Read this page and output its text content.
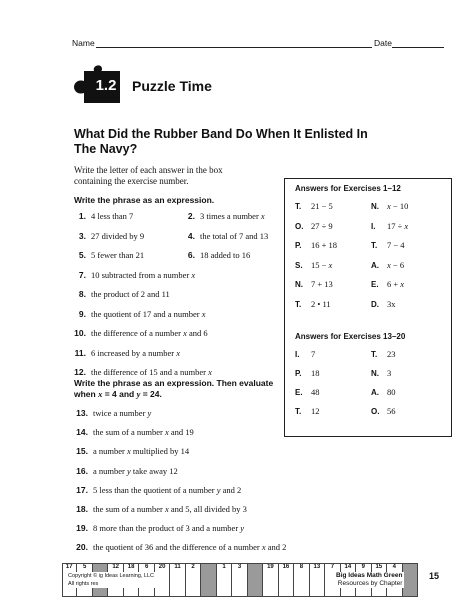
Name	Date
1.2	Puzzle Time
What Did the Rubber Band Do When It Enlisted In The Navy?
Write the letter of each answer in the box containing the exercise number.
Write the phrase as an expression.
1. 4 less than 7
3. 27 divided by 9
5. 5 fewer than 21
7. 10 subtracted from a number x
8. the product of 2 and 11
9. the quotient of 17 and a number x
10. the difference of a number x and 6
11. 6 increased by a number x
12. the difference of 15 and a number x
2. 3 times a number x
4. the total of 7 and 13
6. 18 added to 16
Write the phrase as an expression. Then evaluate when x = 4 and y = 24.
13. twice a number y
14. the sum of a number x and 19
15. a number x multiplied by 14
16. a number y take away 12
17. 5 less than the quotient of a number y and 2
18. the sum of a number x and 5, all divided by 3
19. 8 more than the product of 3 and a number y
20. the quotient of 36 and the difference of a number x and 2
Answers for Exercises 1–12
T. 21 − 5	N. x − 10
O. 27 ÷ 9	I. 17 ÷ x
P. 16 + 18	T. 7 − 4
S. 15 − x	A. x − 6
N. 7 + 13	E. 6 + x
T. 2 • 11	D. 3x
Answers for Exercises 13–20
I. 7	T. 23
P. 18	N. 3
E. 48	A. 80
T. 12	O. 56
17	5	12	18	6	20	11	2	1	3	19	16	8	13	7	14	9	15	4
Copyright © ig Ideas Learning, LLC
All rights res
Big Ideas Math Green
Resources by Chapter
15
